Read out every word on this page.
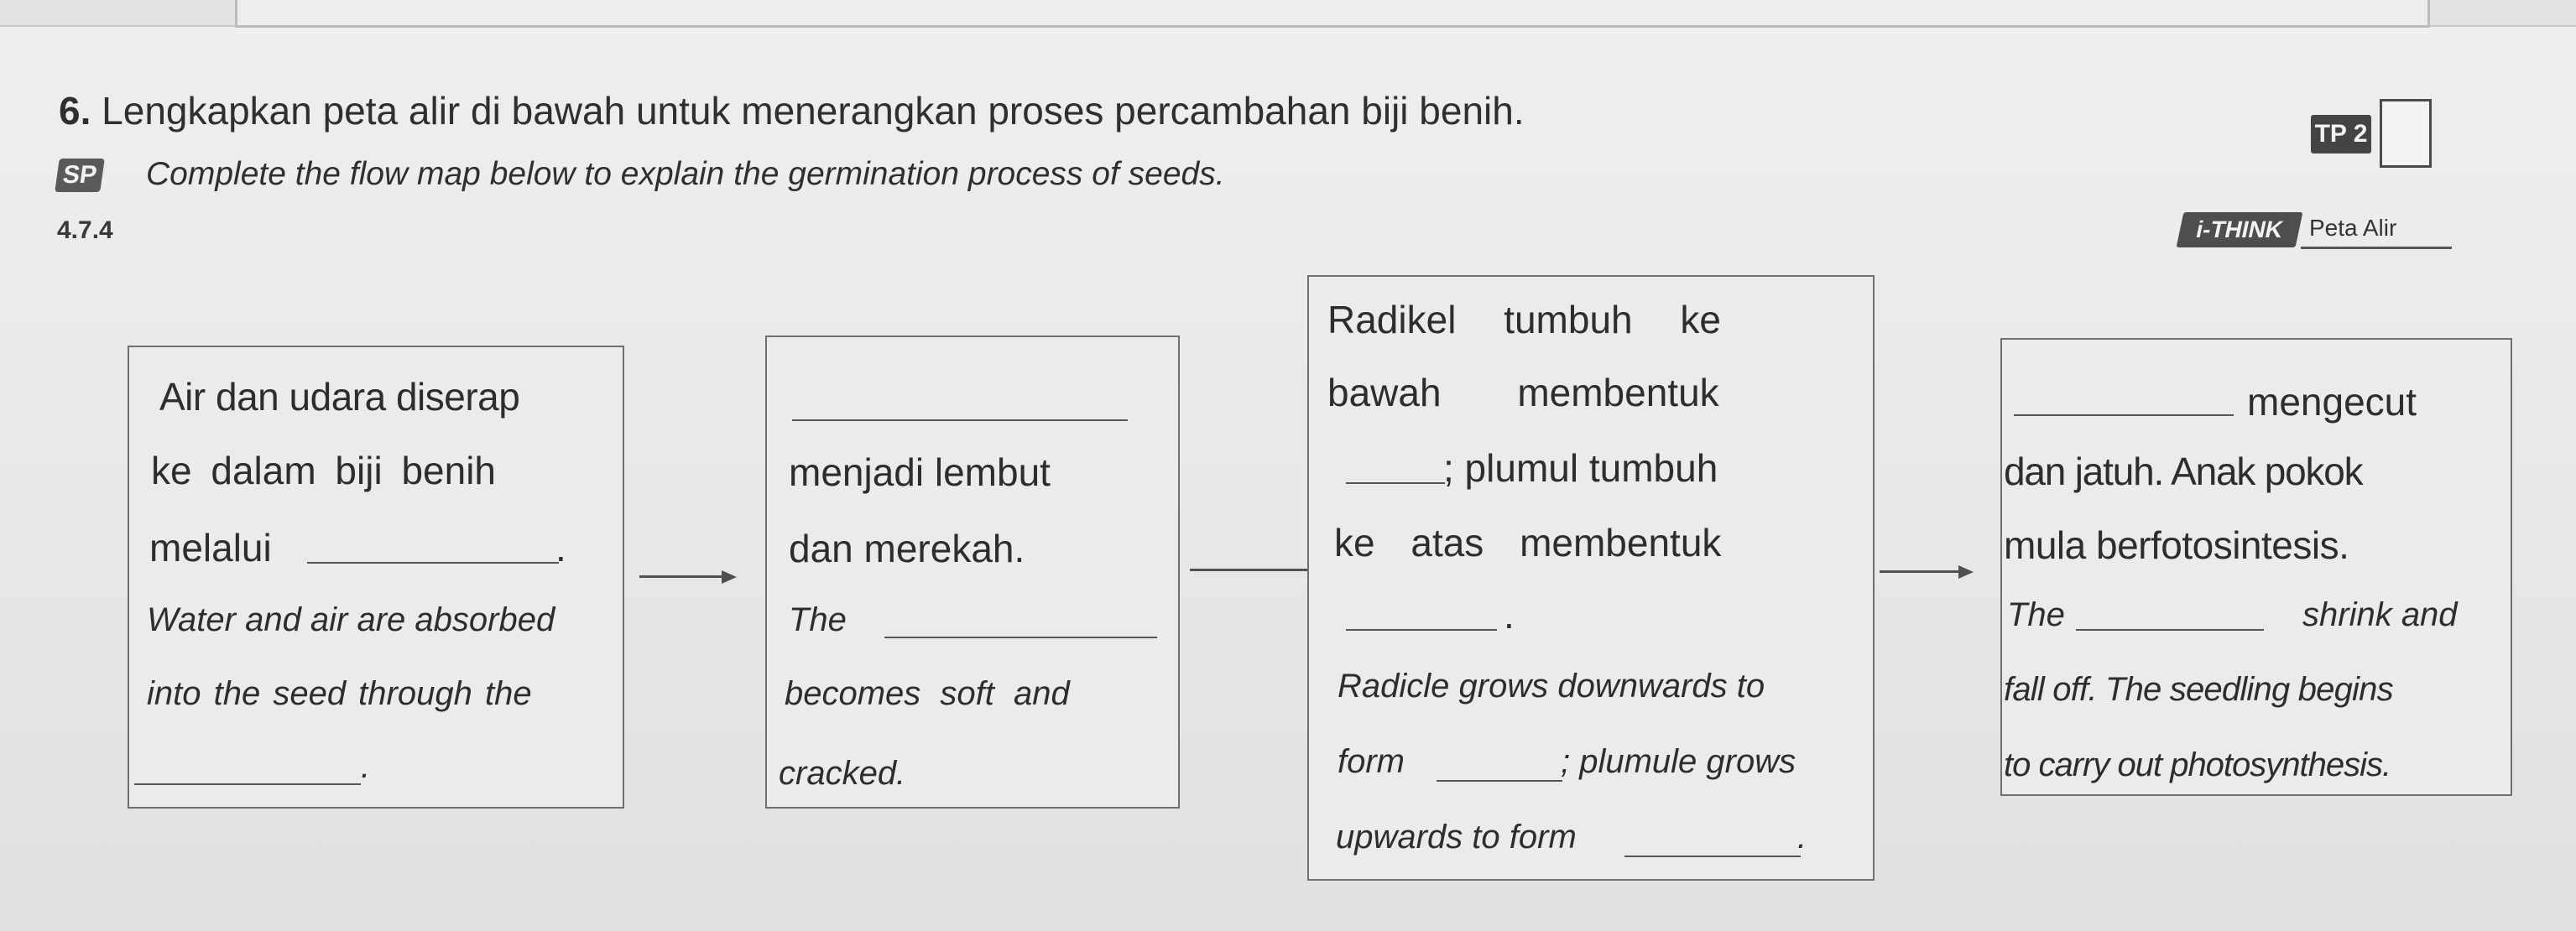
6. Lengkapkan peta alir di bawah untuk menerangkan proses percambahan biji benih.
SP Complete the flow map below to explain the germination process of seeds.
4.7.4
TP 2
i-THINK	Peta Alir
Air dan udara diserap
ke dalam biji benih
melalui	.
Water and air are absorbed
into the seed through the
.
menjadi lembut
dan merekah.
The
becomes soft and
cracked.
Radikel tumbuh ke
bawah membentuk
; plumul tumbuh
ke atas membentuk
.
Radicle grows downwards to
form	; plumule grows
upwards to form	.
mengecut
dan jatuh. Anak pokok
mula berfotosintesis.
The	shrink and
fall off. The seedling begins
to carry out photosynthesis.
